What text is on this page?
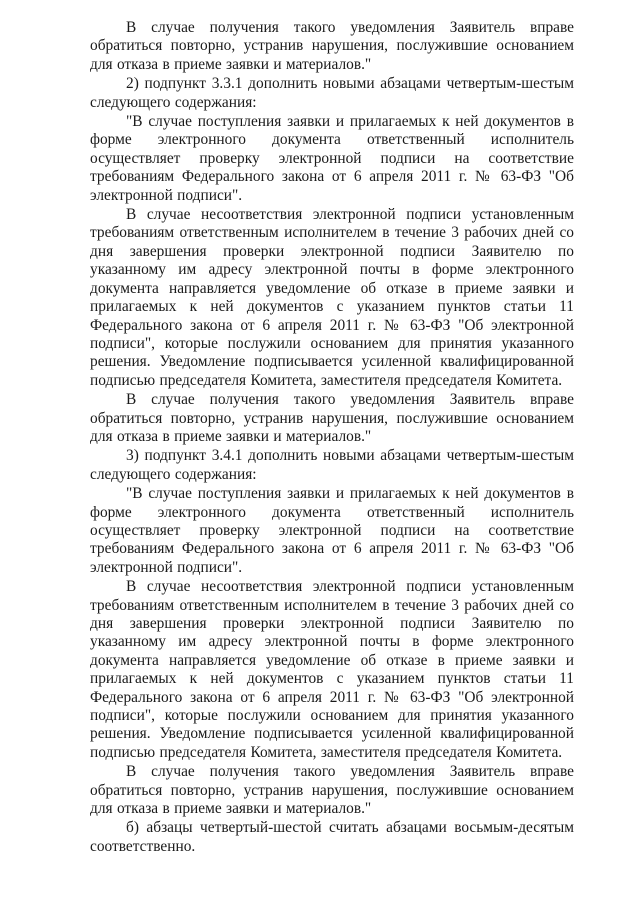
В случае получения такого уведомления Заявитель вправе обратиться повторно, устранив нарушения, послужившие основанием для отказа в приеме заявки и материалов."

2) подпункт 3.3.1 дополнить новыми абзацами четвертым-шестым следующего содержания:

"В случае поступления заявки и прилагаемых к ней документов в форме электронного документа ответственный исполнитель осуществляет проверку электронной подписи на соответствие требованиям Федерального закона от 6 апреля 2011 г. № 63-ФЗ "Об электронной подписи".

В случае несоответствия электронной подписи установленным требованиям ответственным исполнителем в течение 3 рабочих дней со дня завершения проверки электронной подписи Заявителю по указанному им адресу электронной почты в форме электронного документа направляется уведомление об отказе в приеме заявки и прилагаемых к ней документов с указанием пунктов статьи 11 Федерального закона от 6 апреля 2011 г. № 63-ФЗ "Об электронной подписи", которые послужили основанием для принятия указанного решения. Уведомление подписывается усиленной квалифицированной подписью председателя Комитета, заместителя председателя Комитета.

В случае получения такого уведомления Заявитель вправе обратиться повторно, устранив нарушения, послужившие основанием для отказа в приеме заявки и материалов."

3) подпункт 3.4.1 дополнить новыми абзацами четвертым-шестым следующего содержания:

"В случае поступления заявки и прилагаемых к ней документов в форме электронного документа ответственный исполнитель осуществляет проверку электронной подписи на соответствие требованиям Федерального закона от 6 апреля 2011 г. № 63-ФЗ "Об электронной подписи".

В случае несоответствия электронной подписи установленным требованиям ответственным исполнителем в течение 3 рабочих дней со дня завершения проверки электронной подписи Заявителю по указанному им адресу электронной почты в форме электронного документа направляется уведомление об отказе в приеме заявки и прилагаемых к ней документов с указанием пунктов статьи 11 Федерального закона от 6 апреля 2011 г. № 63-ФЗ "Об электронной подписи", которые послужили основанием для принятия указанного решения. Уведомление подписывается усиленной квалифицированной подписью председателя Комитета, заместителя председателя Комитета.

В случае получения такого уведомления Заявитель вправе обратиться повторно, устранив нарушения, послужившие основанием для отказа в приеме заявки и материалов."

б) абзацы четвертый-шестой считать абзацами восьмым-десятым соответственно.
